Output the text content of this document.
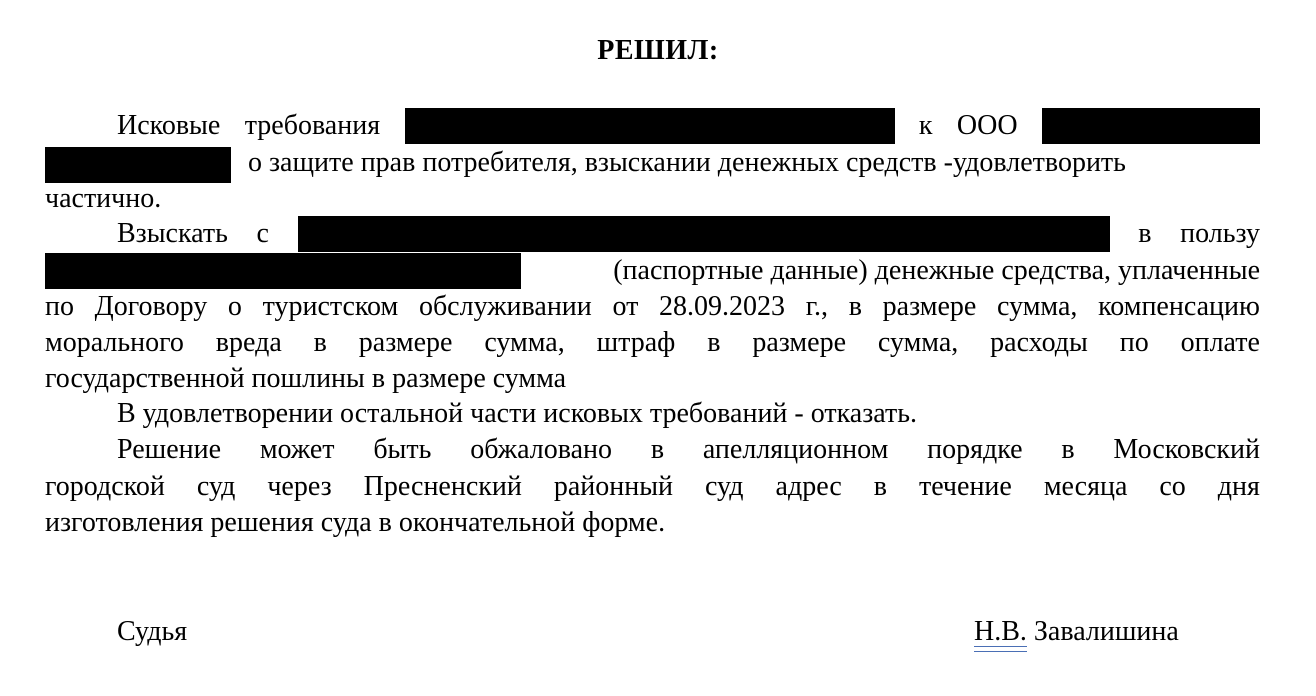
РЕШИЛ:
Исковые требования	к ООО
о защите прав потребителя, взыскании денежных средств -удовлетворить
частично.
Взыскать с	в пользу
(паспортные данные) денежные средства, уплаченные
по Договору о туристском обслуживании от 28.09.2023 г., в размере сумма, компенсацию
морального вреда в размере сумма, штраф в размере сумма, расходы по оплате
государственной пошлины в размере сумма
В удовлетворении остальной части исковых требований - отказать.
Решение может быть обжаловано в апелляционном порядке в Московский
городской суд через Пресненский районный суд адрес в течение месяца со дня
изготовления решения суда в окончательной форме.
Судья	Н.В. Завалишина
